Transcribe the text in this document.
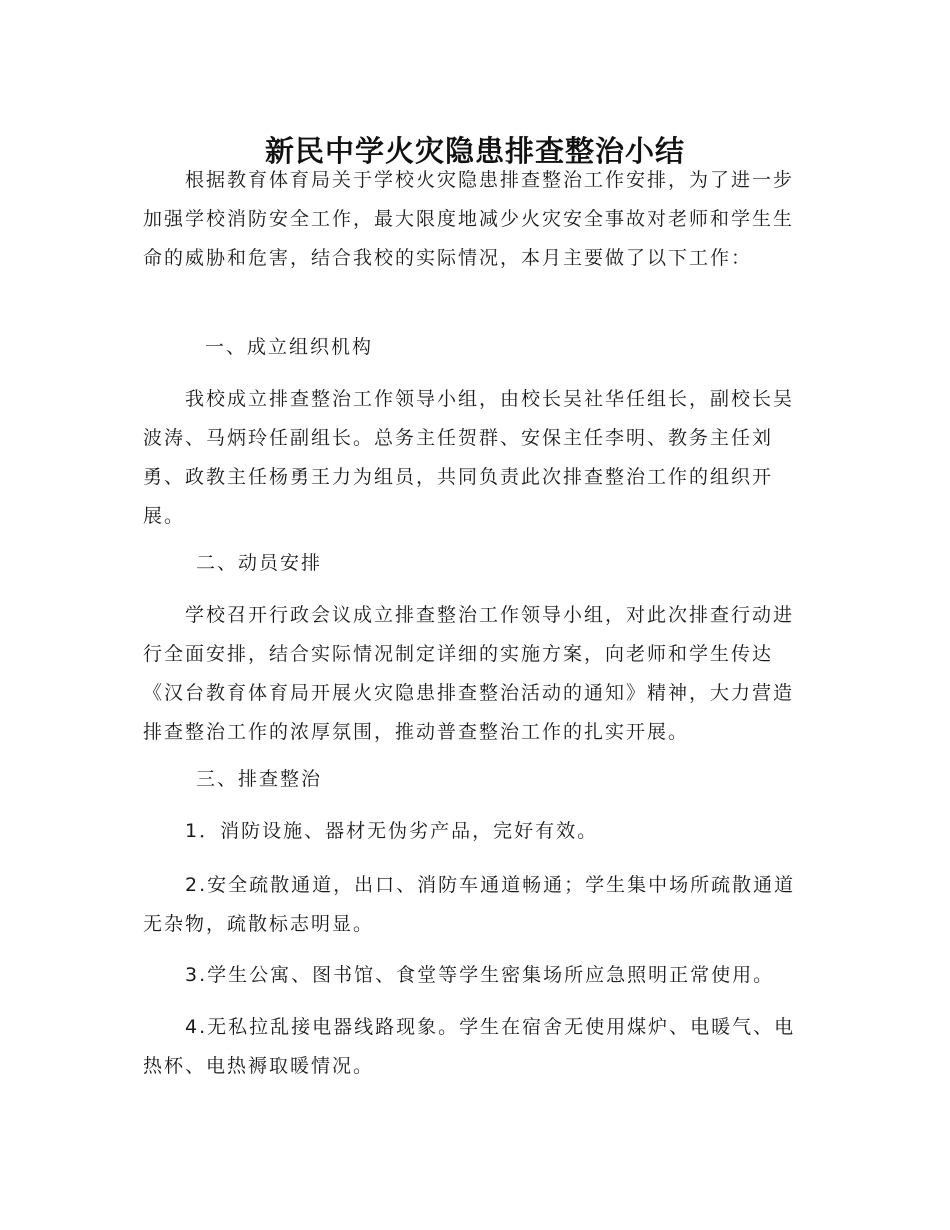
新民中学火灾隐患排查整治小结

根据教育体育局关于学校火灾隐患排查整治工作安排，为了进一步加强学校消防安全工作，最大限度地减少火灾安全事故对老师和学生生命的威胁和危害，结合我校的实际情况，本月主要做了以下工作：

一、成立组织机构

我校成立排查整治工作领导小组，由校长吴社华任组长，副校长吴波涛、马炳玲任副组长。总务主任贺群、安保主任李明、教务主任刘勇、政教主任杨勇王力为组员，共同负责此次排查整治工作的组织开展。

二、动员安排

学校召开行政会议成立排查整治工作领导小组，对此次排查行动进行全面安排，结合实际情况制定详细的实施方案，向老师和学生传达《汉台教育体育局开展火灾隐患排查整治活动的通知》精神，大力营造排查整治工作的浓厚氛围，推动普查整治工作的扎实开展。

三、排查整治

1．消防设施、器材无伪劣产品，完好有效。

2.安全疏散通道，出口、消防车通道畅通；学生集中场所疏散通道无杂物，疏散标志明显。

3.学生公寓、图书馆、食堂等学生密集场所应急照明正常使用。

4.无私拉乱接电器线路现象。学生在宿舍无使用煤炉、电暖气、电热杯、电热褥取暖情况。
